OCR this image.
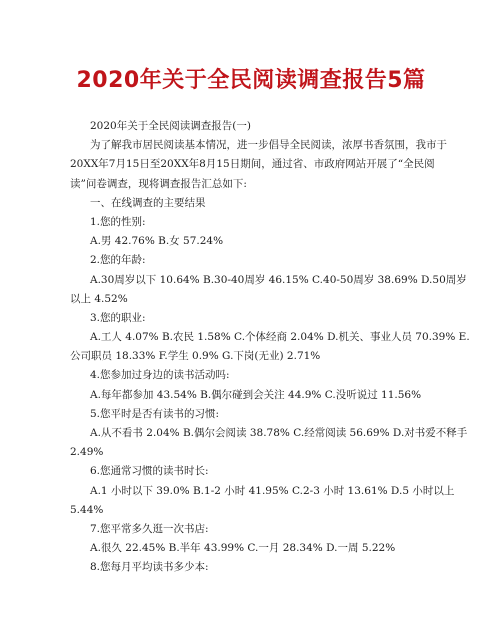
2020年关于全民阅读调查报告5篇
2020年关于全民阅读调查报告(一)
为了解我市居民阅读基本情况，进一步倡导全民阅读，浓厚书香氛围，我市于
20XX年7月15日至20XX年8月15日期间，通过省、市政府网站开展了“全民阅
读”问卷调查，现将调查报告汇总如下:
一、在线调查的主要结果
1.您的性别:
A.男 42.76% B.女 57.24%
2.您的年龄:
A.30周岁以下 10.64% B.30-40周岁 46.15% C.40-50周岁 38.69% D.50周岁
以上 4.52%
3.您的职业:
A.工人 4.07% B.农民 1.58% C.个体经商 2.04% D.机关、事业人员 70.39% E.
公司职员 18.33% F.学生 0.9% G.下岗(无业) 2.71%
4.您参加过身边的读书活动吗:
A.每年都参加 43.54% B.偶尔碰到会关注 44.9% C.没听说过 11.56%
5.您平时是否有读书的习惯:
A.从不看书 2.04% B.偶尔会阅读 38.78% C.经常阅读 56.69% D.对书爱不释手
2.49%
6.您通常习惯的读书时长:
A.1 小时以下 39.0% B.1-2 小时 41.95% C.2-3 小时 13.61% D.5 小时以上
5.44%
7.您平常多久逛一次书店:
A.很久 22.45% B.半年 43.99% C.一月 28.34% D.一周 5.22%
8.您每月平均读书多少本:
